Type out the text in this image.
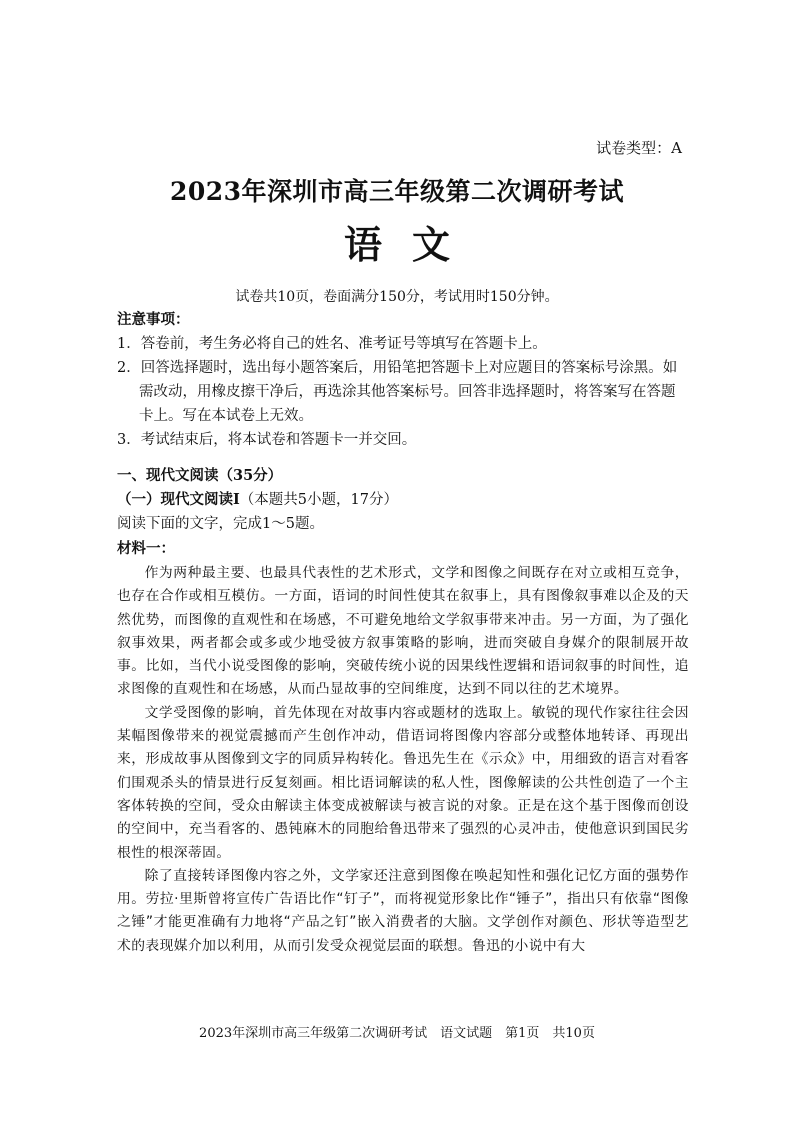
试卷类型：A
2023年深圳市高三年级第二次调研考试
语文
试卷共10页，卷面满分150分，考试用时150分钟。

注意事项：

1．答卷前，考生务必将自己的姓名、准考证号等填写在答题卡上。

2．回答选择题时，选出每小题答案后，用铅笔把答题卡上对应题目的答案标号涂黑。如需改动，用橡皮擦干净后，再选涂其他答案标号。回答非选择题时，将答案写在答题卡上。写在本试卷上无效。

3．考试结束后，将本试卷和答题卡一并交回。

一、现代文阅读（35分）

（一）现代文阅读Ⅰ（本题共5小题，17分）

阅读下面的文字，完成1～5题。

材料一：

作为两种最主要、也最具代表性的艺术形式，文学和图像之间既存在对立或相互竞争，也存在合作或相互模仿。一方面，语词的时间性使其在叙事上，具有图像叙事难以企及的天然优势，而图像的直观性和在场感，不可避免地给文学叙事带来冲击。另一方面，为了强化叙事效果，两者都会或多或少地受彼方叙事策略的影响，进而突破自身媒介的限制展开故事。比如，当代小说受图像的影响，突破传统小说的因果线性逻辑和语词叙事的时间性，追求图像的直观性和在场感，从而凸显故事的空间维度，达到不同以往的艺术境界。

文学受图像的影响，首先体现在对故事内容或题材的选取上。敏锐的现代作家往往会因某幅图像带来的视觉震撼而产生创作冲动，借语词将图像内容部分或整体地转译、再现出来，形成故事从图像到文字的同质异构转化。鲁迅先生在《示众》中，用细致的语言对看客们围观杀头的情景进行反复刻画。相比语词解读的私人性，图像解读的公共性创造了一个主客体转换的空间，受众由解读主体变成被解读与被言说的对象。正是在这个基于图像而创设的空间中，充当看客的、愚钝麻木的同胞给鲁迅带来了强烈的心灵冲击，使他意识到国民劣根性的根深蒂固。

除了直接转译图像内容之外，文学家还注意到图像在唤起知性和强化记忆方面的强势作用。劳拉·里斯曾将宣传广告语比作“钉子”，而将视觉形象比作“锤子”，指出只有依靠“图像之锤”才能更准确有力地将“产品之钉”嵌入消费者的大脑。文学创作对颜色、形状等造型艺术的表现媒介加以利用，从而引发受众视觉层面的联想。鲁迅的小说中有大

2023年深圳市高三年级第二次调研考试　语文试题　第1页　共10页
